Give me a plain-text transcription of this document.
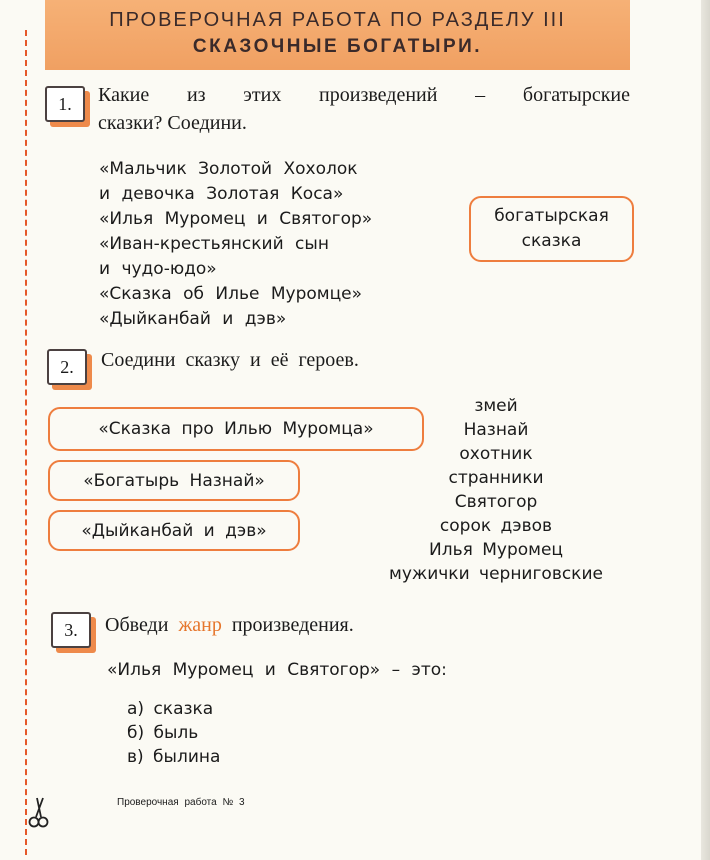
ПРОВЕРОЧНАЯ РАБОТА ПО РАЗДЕЛУ III
СКАЗОЧНЫЕ БОГАТЫРИ.
1.	Какие из этих произведений – богатырские
сказки? Соедини.
«Мальчик Золотой Хохолок
и девочка Золотая Коса»
«Илья Муромец и Святогор»
«Иван-крестьянский сын
и чудо-юдо»
«Сказка об Илье Муромце»
«Дыйканбай и дэв»
богатырская
сказка
2.	Соедини сказку и её героев.
«Сказка про Илью Муромца»
«Богатырь Назнай»
«Дыйканбай и дэв»
змей
Назнай
охотник
странники
Святогор
сорок дэвов
Илья Муромец
мужички черниговские
3.	Обведи жанр произведения.
«Илья Муромец и Святогор» – это:
а) сказка
б) быль
в) былина
Проверочная работа № 3
